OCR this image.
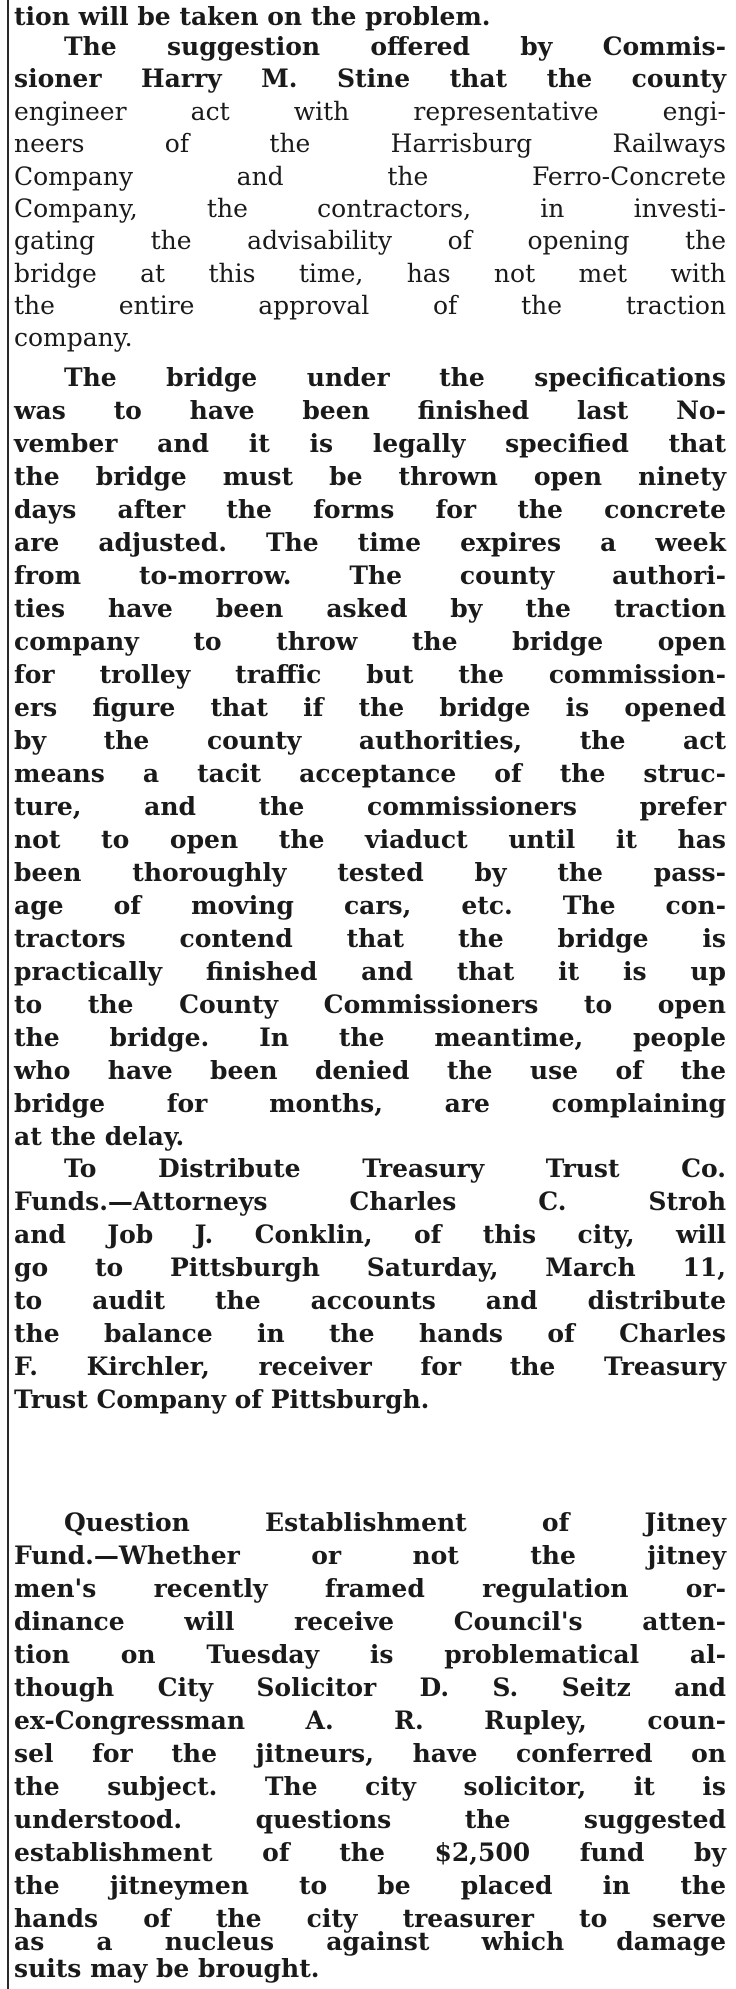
tion will be taken on the problem.
The suggestion offered by Commis-
sioner Harry M. Stine that the county
engineer act with representative engi-
neers of the Harrisburg Railways
Company and the Ferro-Concrete
Company, the contractors, in investi-
gating the advisability of opening the
bridge at this time, has not met with
the entire approval of the traction
company.
The bridge under the specifications
was to have been finished last No-
vember and it is legally specified that
the bridge must be thrown open ninety
days after the forms for the concrete
are adjusted. The time expires a week
from to-morrow. The county authori-
ties have been asked by the traction
company to throw the bridge open
for trolley traffic but the commission-
ers figure that if the bridge is opened
by the county authorities, the act
means a tacit acceptance of the struc-
ture, and the commissioners prefer
not to open the viaduct until it has
been thoroughly tested by the pass-
age of moving cars, etc. The con-
tractors contend that the bridge is
practically finished and that it is up
to the County Commissioners to open
the bridge. In the meantime, people
who have been denied the use of the
bridge for months, are complaining
at the delay.
To Distribute Treasury Trust Co.
Funds.—Attorneys Charles C. Stroh
and Job J. Conklin, of this city, will
go to Pittsburgh Saturday, March 11,
to audit the accounts and distribute
the balance in the hands of Charles
F. Kirchler, receiver for the Treasury
Trust Company of Pittsburgh.
Question Establishment of Jitney
Fund.—Whether or not the jitney
men's recently framed regulation or-
dinance will receive Council's atten-
tion on Tuesday is problematical al-
though City Solicitor D. S. Seitz and
ex-Congressman A. R. Rupley, coun-
sel for the jitneurs, have conferred on
the subject. The city solicitor, it is
understood. questions the suggested
establishment of the $2,500 fund by
the jitneymen to be placed in the
hands of the city treasurer to serve
as a nucleus against which damage
suits may be brought.
